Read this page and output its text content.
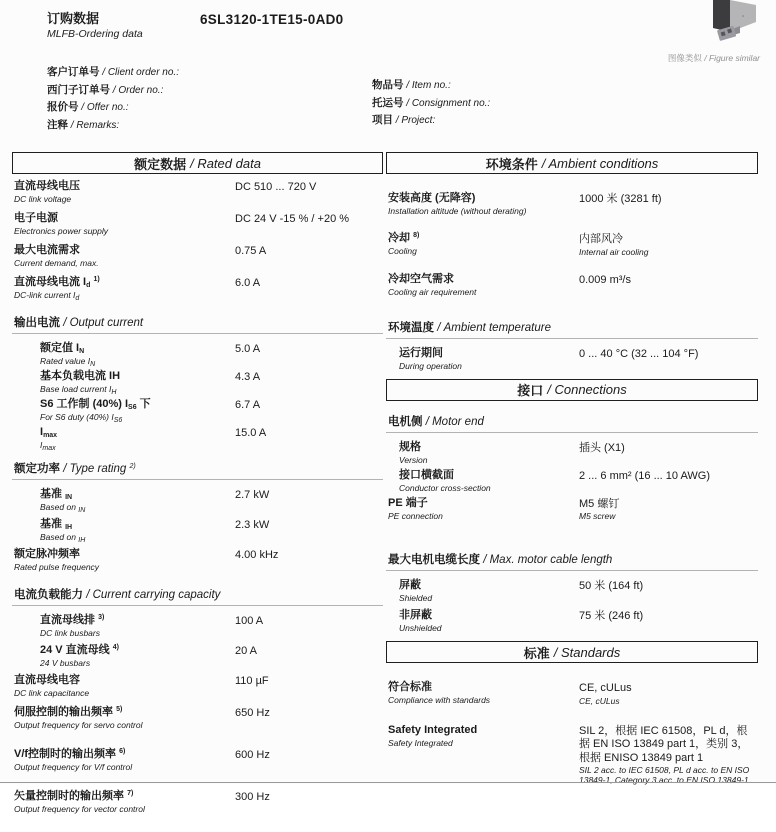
订购数据
MLFB-Ordering data
6SL3120-1TE15-0AD0
图像类似 / Figure similar
客户订单号 / Client order no.:
西门子订单号 / Order no.:
报价号 / Offer no.:
注释 / Remarks:
物品号 / Item no.:
托运号 / Consignment no.:
项目 / Project:
额定数据 / Rated data
直流母线电压
DC link voltage
DC 510 ... 720 V
电子电源
Electronics power supply
DC 24 V -15 % / +20 %
最大电流需求
Current demand, max.
0.75 A
直流母线电流 $I_d$ $^{1)}$
DC-link current $I_d$
6.0 A
输出电流 / Output current
额定值 $I_N$
Rated value $I_N$
5.0 A
基本负载电流 IH
Base load current $I_H$
4.3 A
S6 工作制 (40%) $I_{S6}$ 下
For S6 duty (40%) $I_{S6}$
6.7 A
$I_{max}$
$I_{max}$
15.0 A
额定功率 / Type rating $^{2)}$
基准 $_{IN}$
Based on $_{IN}$
2.7 kW
基准 $_{IH}$
Based on $_{IH}$
2.3 kW
额定脉冲频率
Rated pulse frequency
4.00 kHz
电流负载能力 / Current carrying capacity
直流母线排 $^{3)}$
DC link busbars
100 A
24 V 直流母线 $^{4)}$
24 V busbars
20 A
直流母线电容
DC link capacitance
110 µF
伺服控制的输出频率 $^{5)}$
Output frequency for servo control
650 Hz
V/f控制时的输出频率 $^{6)}$
Output frequency for V/f control
600 Hz
矢量控制时的输出频率 $^{7)}$
Output frequency for vector control
300 Hz
环境条件 / Ambient conditions
安装高度 (无降容)
Installation altitude (without derating)
1000 米 (3281 ft)
冷却 $^{8)}$
Cooling
内部风冷
Internal air cooling
冷却空气需求
Cooling air requirement
0.009 m³/s
环境温度 / Ambient temperature
运行期间
During operation
0 ... 40 °C (32 ... 104 °F)
接口 / Connections
电机侧 / Motor end
规格
Version
插头 (X1)
接口横截面
Conductor cross-section
2 ... 6 mm² (16 ... 10 AWG)
PE 端子
PE connection
M5 螺钉
M5 screw
最大电机电缆长度 / Max. motor cable length
屏蔽
Shielded
50 米 (164 ft)
非屏蔽
Unshielded
75 米 (246 ft)
标准 / Standards
符合标准
Compliance with standards
CE, cULus
CE, cULus
Safety Integrated
Safety Integrated
SIL 2，根据 IEC 61508，PL d，根据 EN ISO 13849 part 1，类别 3，根据 ENISO 13849 part 1
SIL 2 acc. to IEC 61508, PL d acc. to EN ISO 13849-1, Category 3 acc. to EN ISO 13849-1
